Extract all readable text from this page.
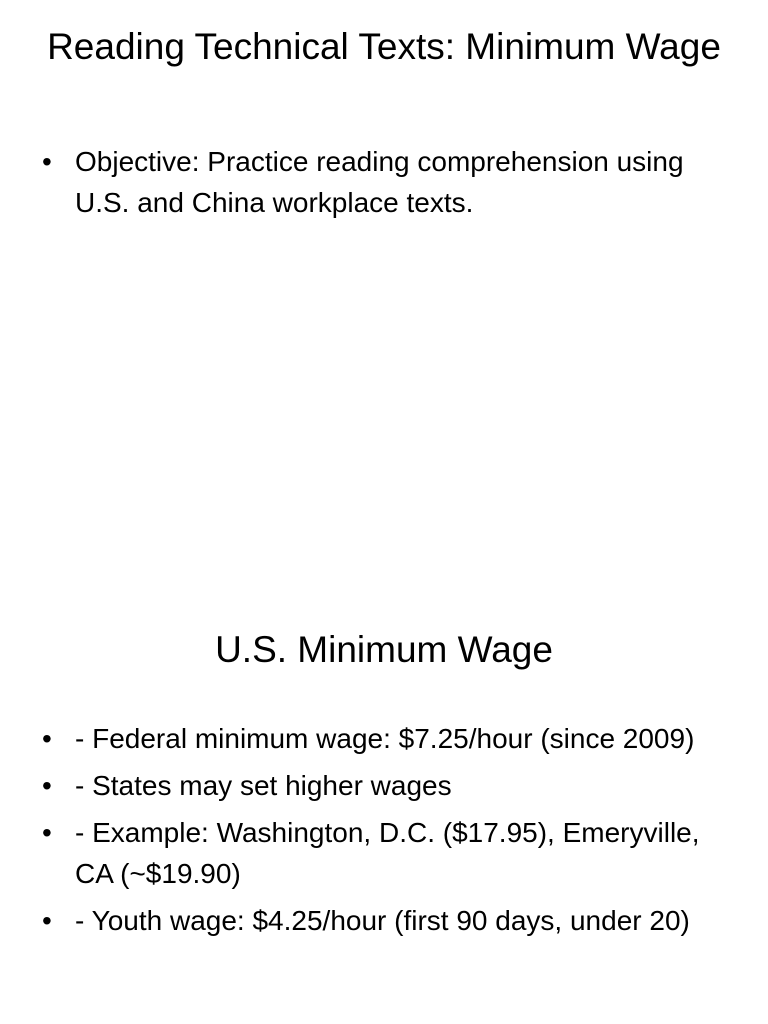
Reading Technical Texts: Minimum Wage
• Objective: Practice reading comprehension using U.S. and China workplace texts.
U.S. Minimum Wage
• - Federal minimum wage: $7.25/hour (since 2009)
• - States may set higher wages
• - Example: Washington, D.C. ($17.95), Emeryville, CA (~$19.90)
• - Youth wage: $4.25/hour (first 90 days, under 20)
